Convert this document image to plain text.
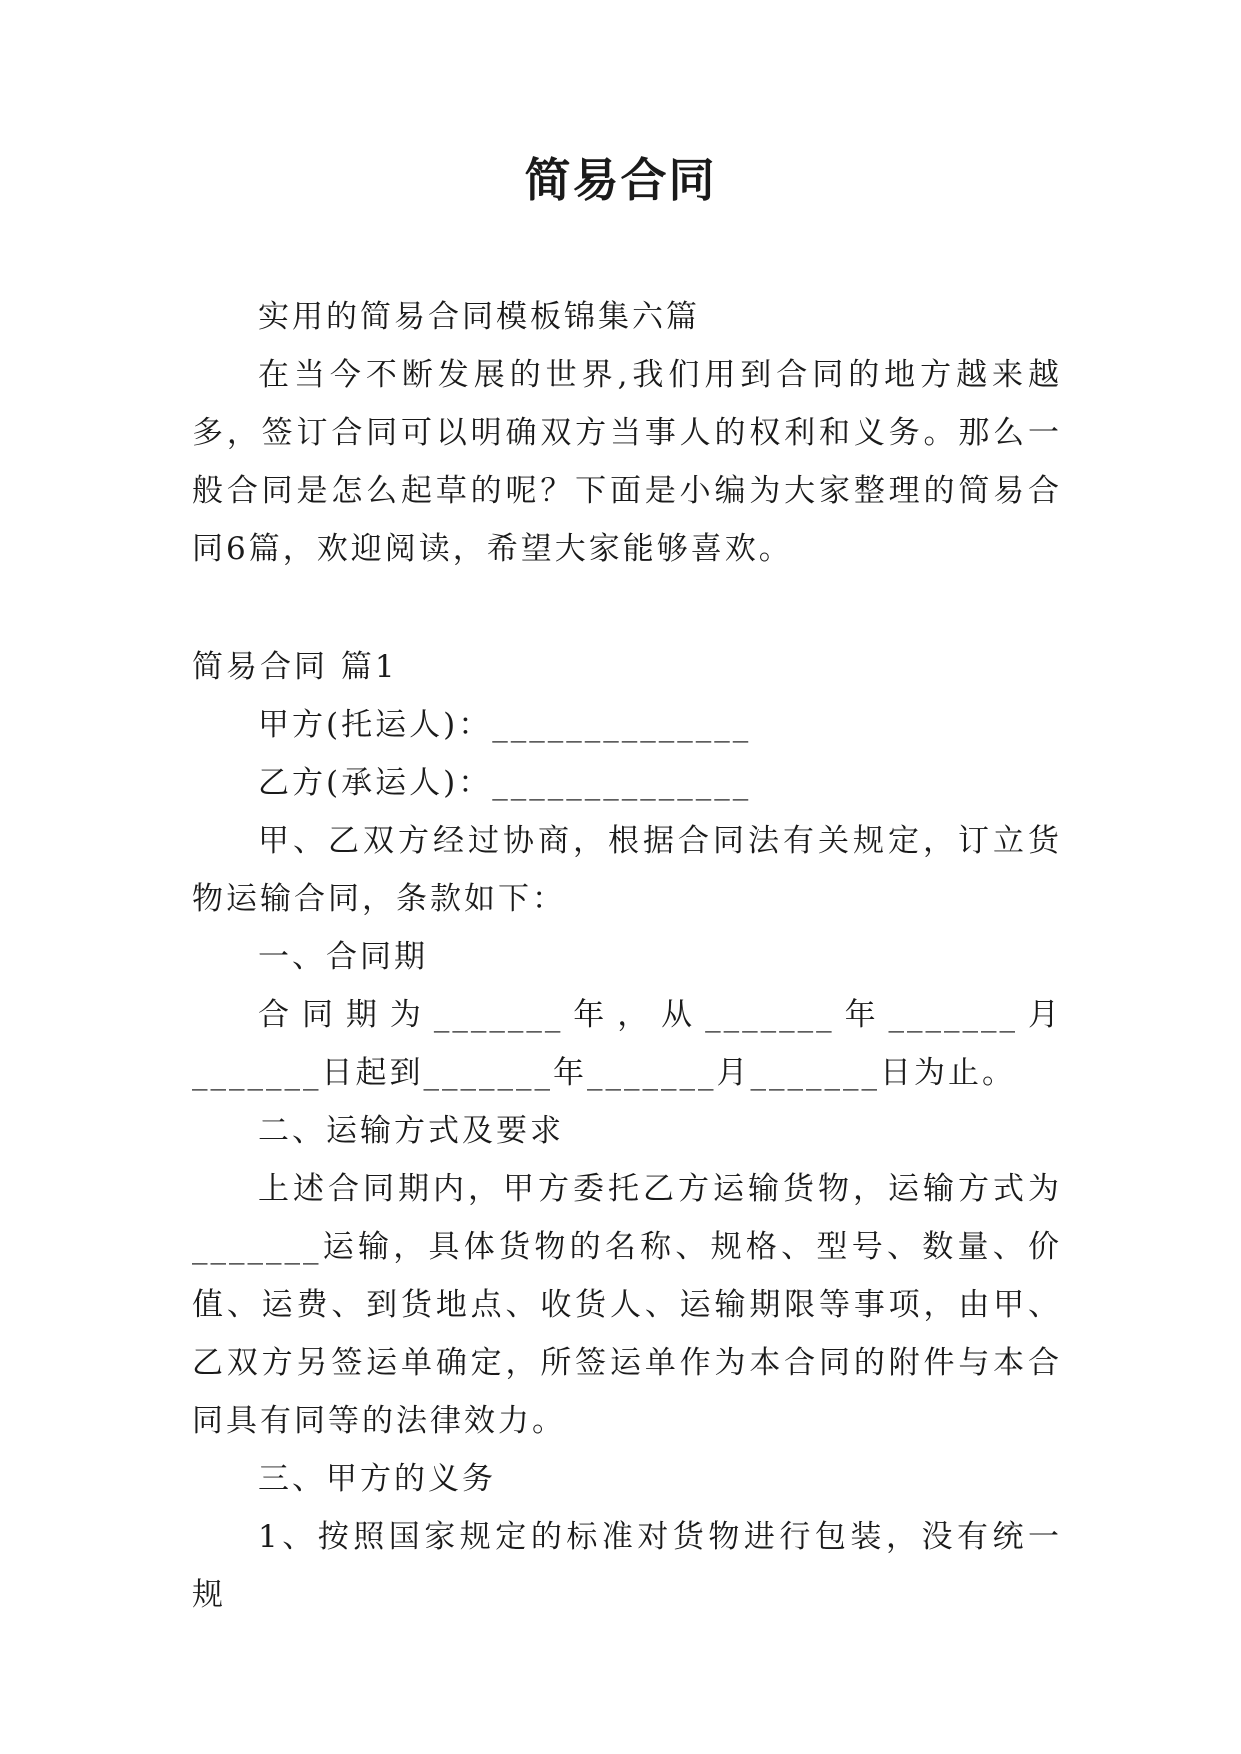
简易合同

实用的简易合同模板锦集六篇

在当今不断发展的世界,我们用到合同的地方越来越多，签订合同可以明确双方当事人的权利和义务。那么一般合同是怎么起草的呢？下面是小编为大家整理的简易合同6篇，欢迎阅读，希望大家能够喜欢。

简易合同 篇1

甲方(托运人)：______________

乙方(承运人)：______________

甲、乙双方经过协商，根据合同法有关规定，订立货物运输合同，条款如下：

一、合同期

合同期为_______年，从_______年_______月_______日起到_______年_______月_______日为止。

二、运输方式及要求

上述合同期内，甲方委托乙方运输货物，运输方式为_______运输，具体货物的名称、规格、型号、数量、价值、运费、到货地点、收货人、运输期限等事项，由甲、乙双方另签运单确定，所签运单作为本合同的附件与本合同具有同等的法律效力。

三、甲方的义务

1、按照国家规定的标准对货物进行包装，没有统一规
